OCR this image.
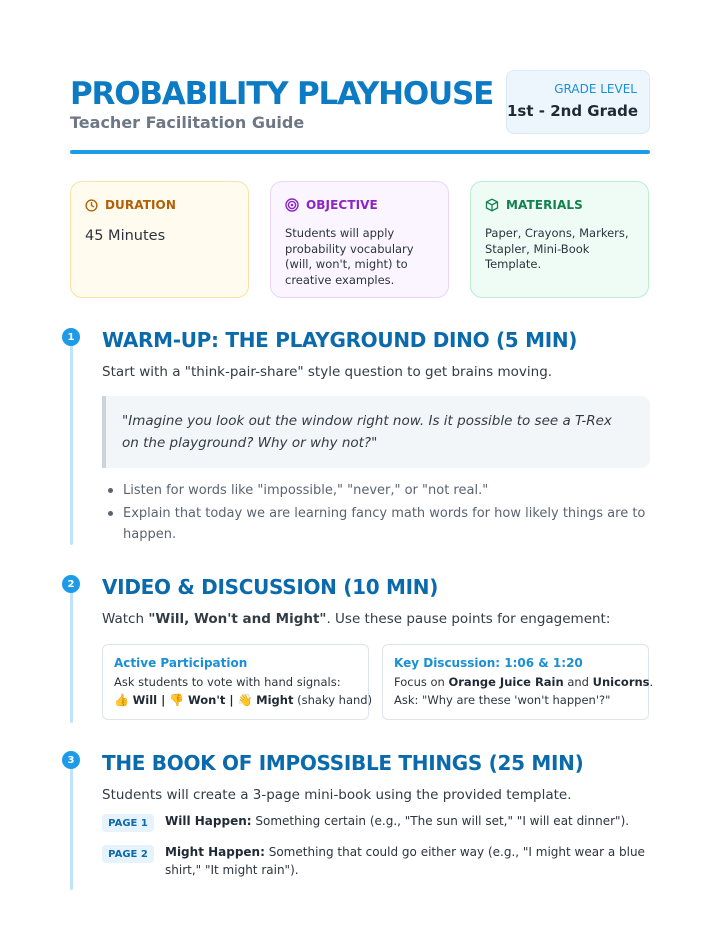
PROBABILITY PLAYHOUSE
Teacher Facilitation Guide
GRADE LEVEL
1st - 2nd Grade
DURATION
45 Minutes
OBJECTIVE
Students will apply probability vocabulary (will, won't, might) to creative examples.
MATERIALS
Paper, Crayons, Markers, Stapler, Mini-Book Template.
1 WARM-UP: THE PLAYGROUND DINO (5 MIN)
Start with a "think-pair-share" style question to get brains moving.
"Imagine you look out the window right now. Is it possible to see a T-Rex on the playground? Why or why not?"
Listen for words like "impossible," "never," or "not real."
Explain that today we are learning fancy math words for how likely things are to happen.
2 VIDEO & DISCUSSION (10 MIN)
Watch "Will, Won't and Might". Use these pause points for engagement:
Active Participation
Ask students to vote with hand signals:
👍 Will | 👎 Won't | 👋 Might (shaky hand)
Key Discussion: 1:06 & 1:20
Focus on Orange Juice Rain and Unicorns.
Ask: "Why are these 'won't happen'?"
3 THE BOOK OF IMPOSSIBLE THINGS (25 MIN)
Students will create a 3-page mini-book using the provided template.
PAGE 1	Will Happen: Something certain (e.g., "The sun will set," "I will eat dinner").
PAGE 2	Might Happen: Something that could go either way (e.g., "I might wear a blue shirt," "It might rain").
